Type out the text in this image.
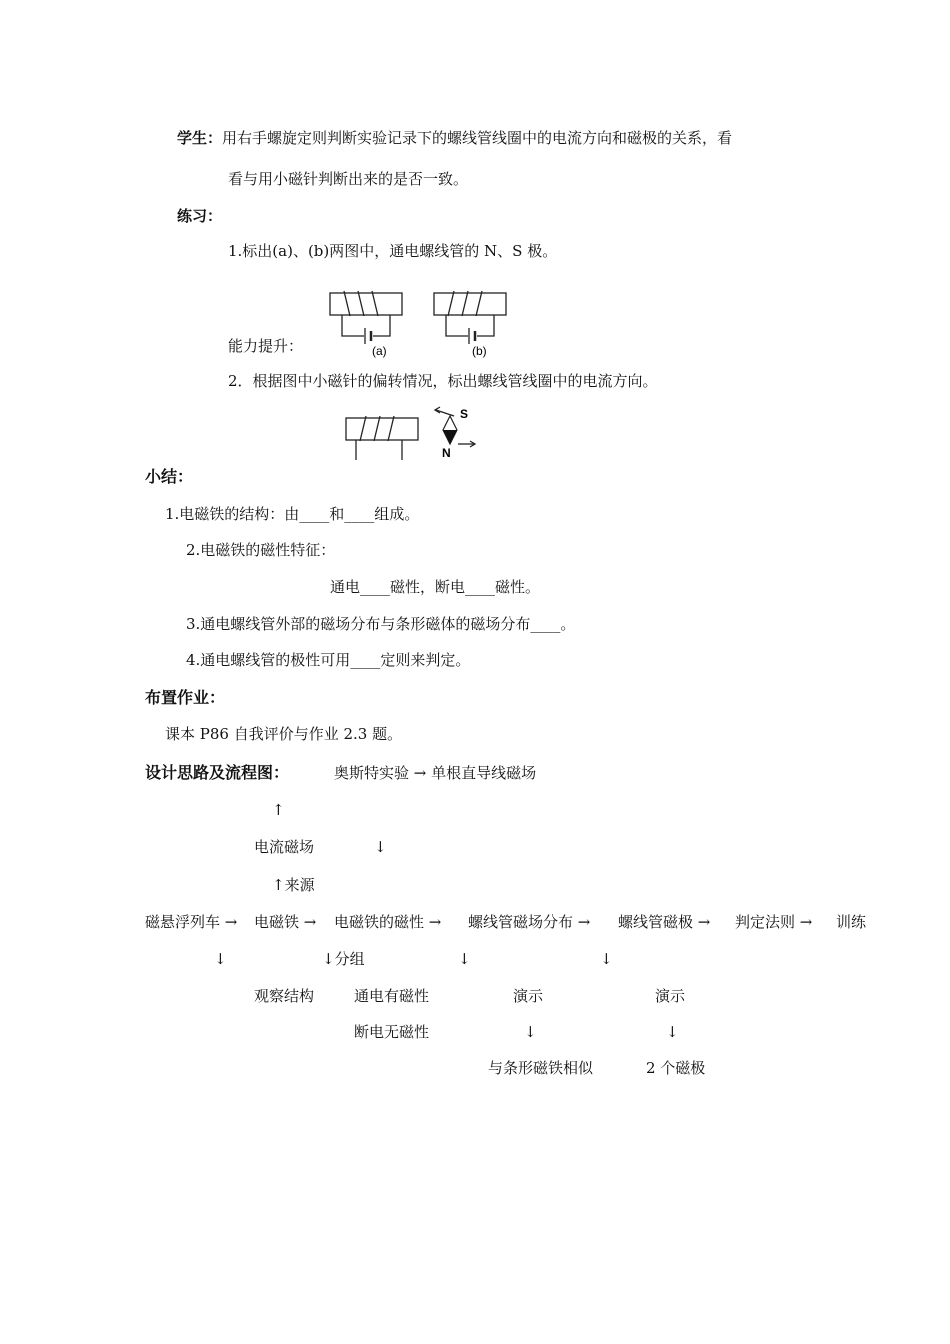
学生：用右手螺旋定则判断实验记录下的螺线管线圈中的电流方向和磁极的关系，看
看与用小磁针判断出来的是否一致。
练习：
1.标出(a)、(b)两图中，通电螺线管的 N、S 极。
能力提升：	(a)	(b)
2．根据图中小磁针的偏转情况，标出螺线管线圈中的电流方向。
S
N
小结：
1.电磁铁的结构：由____和____组成。
2.电磁铁的磁性特征：
通电____磁性，断电____磁性。
3.通电螺线管外部的磁场分布与条形磁体的磁场分布____。
4.通电螺线管的极性可用____定则来判定。
布置作业：
课本 P86 自我评价与作业 2.3 题。
设计思路及流程图：	奥斯特实验 → 单根直导线磁场
↑
电流磁场	↓
↑来源
磁悬浮列车 → 电磁铁 → 电磁铁的磁性 → 螺线管磁场分布 → 螺线管磁极 → 判定法则 → 训练
↓	↓分组	↓	↓
观察结构	通电有磁性	演示	演示
断电无磁性	↓	↓
与条形磁铁相似	2 个磁极
